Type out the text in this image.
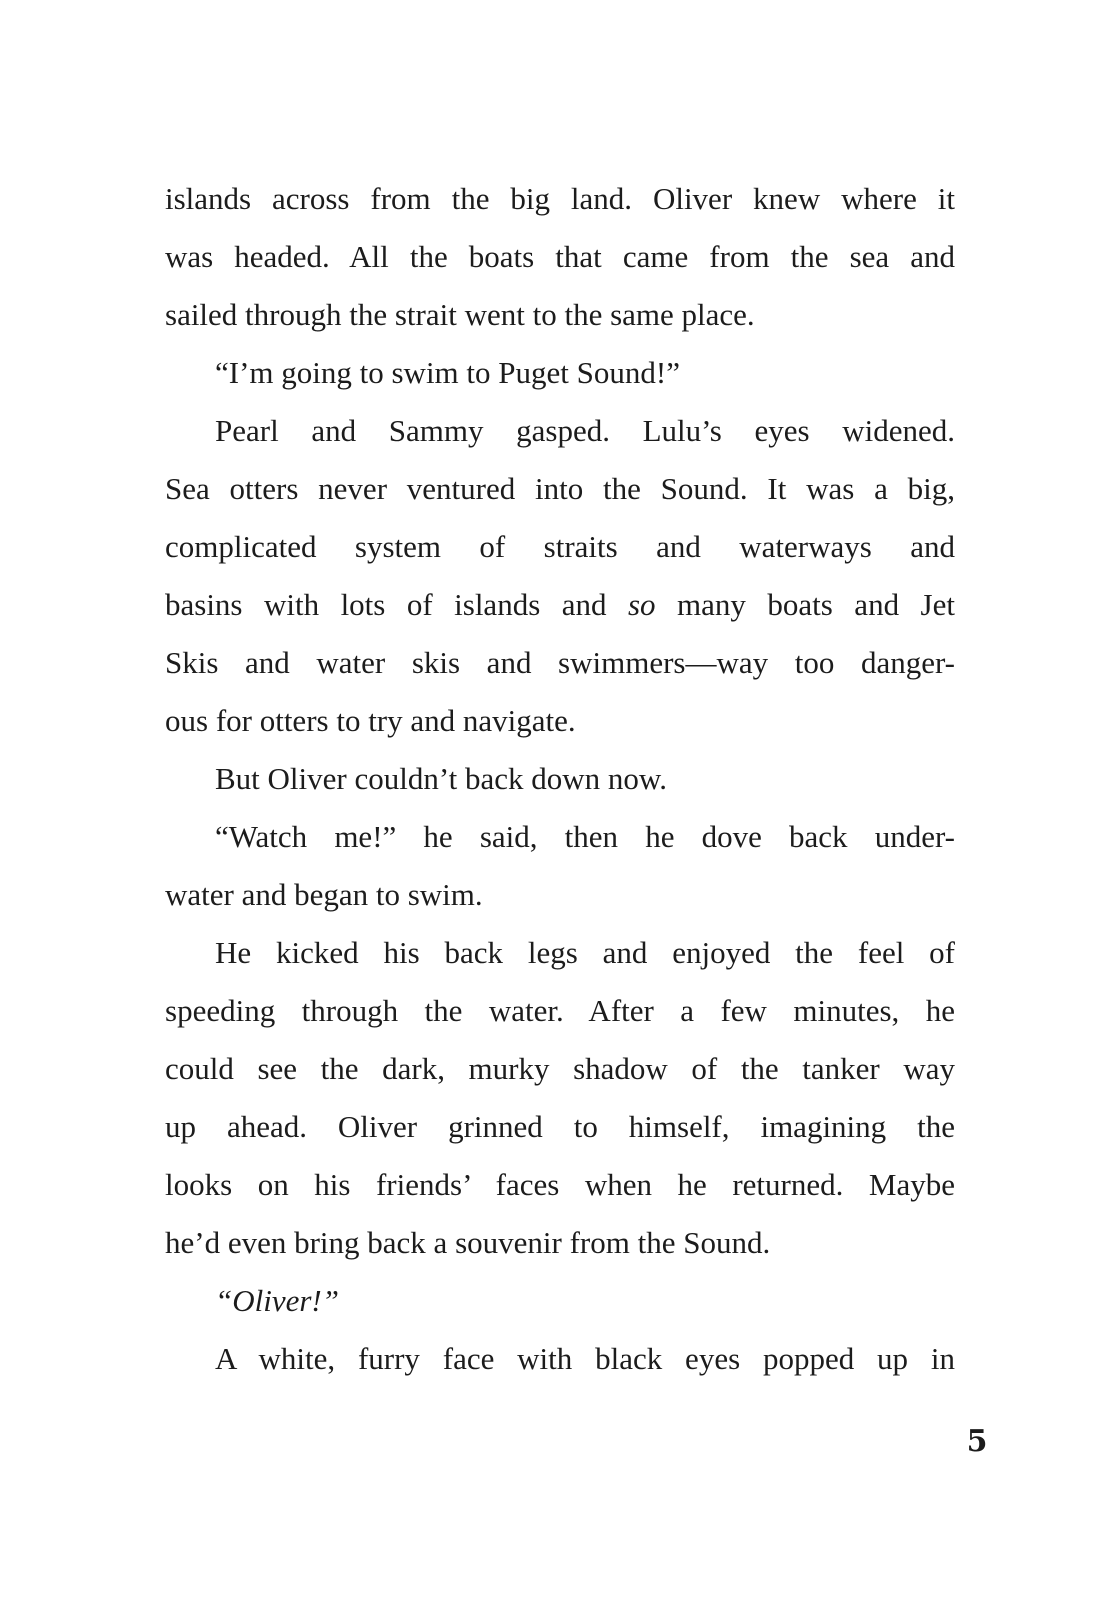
islands across from the big land. Oliver knew where it
was headed. All the boats that came from the sea and
sailed through the strait went to the same place.
“I’m going to swim to Puget Sound!”
Pearl and Sammy gasped. Lulu’s eyes widened.
Sea otters never ventured into the Sound. It was a big,
complicated system of straits and waterways and
basins with lots of islands and so many boats and Jet
Skis and water skis and swimmers—way too danger-
ous for otters to try and navigate.
But Oliver couldn’t back down now.
“Watch me!” he said, then he dove back under-
water and began to swim.
He kicked his back legs and enjoyed the feel of
speeding through the water. After a few minutes, he
could see the dark, murky shadow of the tanker way
up ahead. Oliver grinned to himself, imagining the
looks on his friends’ faces when he returned. Maybe
he’d even bring back a souvenir from the Sound.
“Oliver!”
A white, furry face with black eyes popped up in
5
